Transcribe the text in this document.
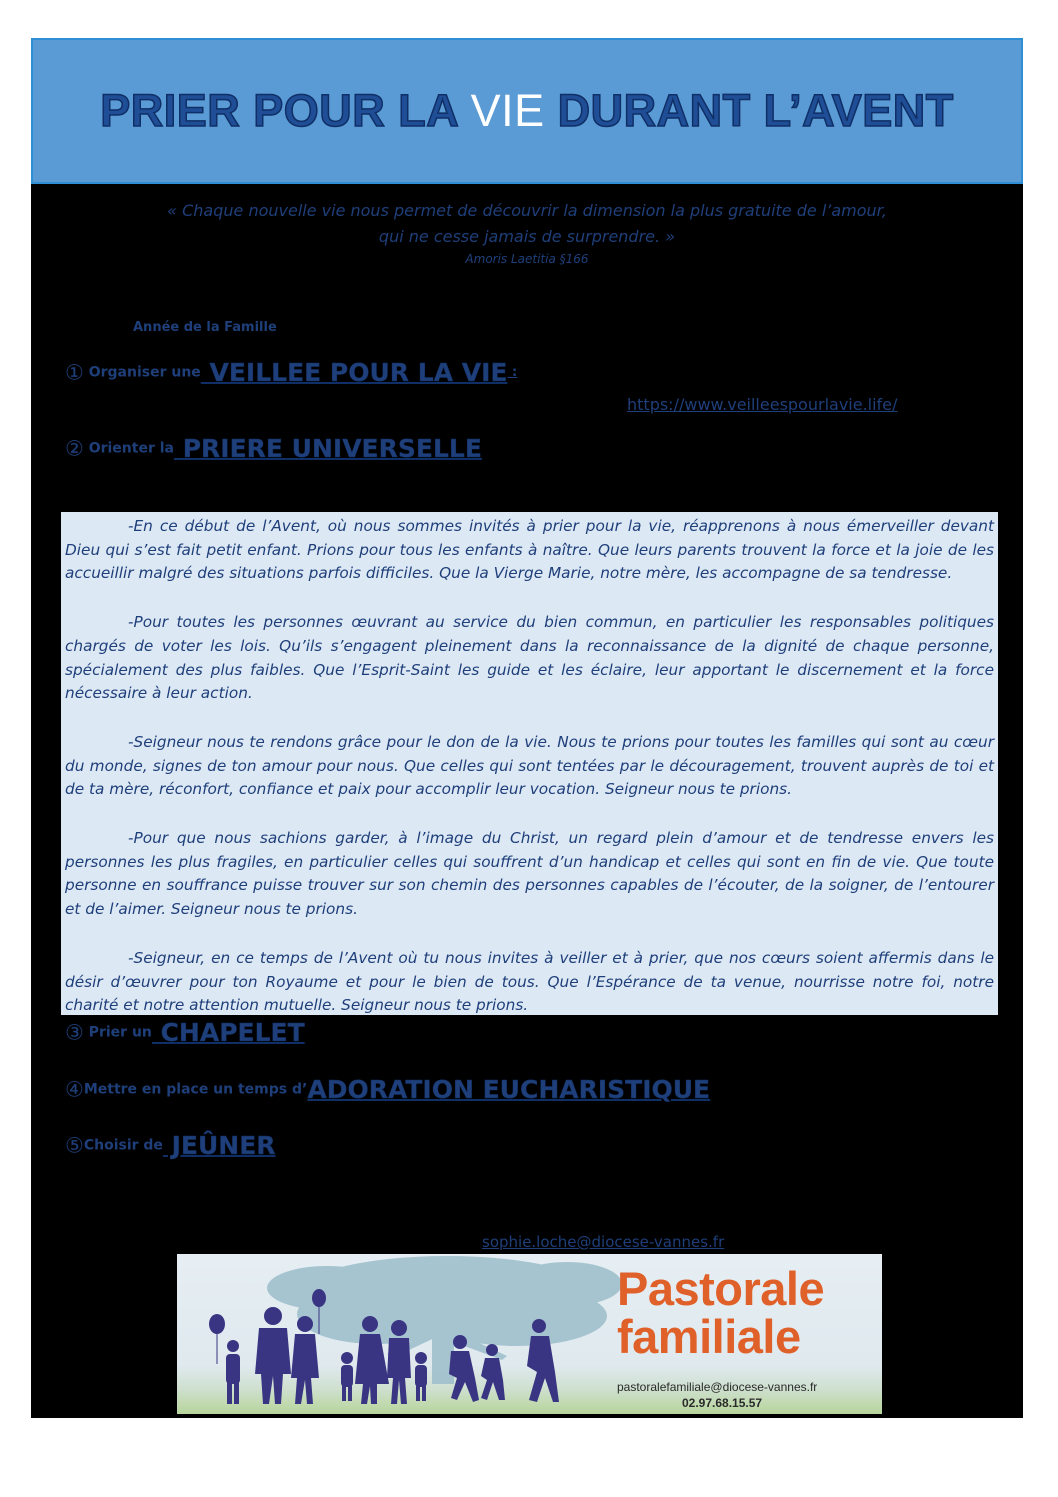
PRIER POUR LA VIE DURANT L’AVENT
« Chaque nouvelle vie nous permet de découvrir la dimension la plus gratuite de l’amour,
qui ne cesse jamais de surprendre. »
Amoris Laetitia §166
Année de la Famille
① Organiser une VEILLEE POUR LA VIE :
https://www.veilleespourlavie.life/
② Orienter la PRIERE UNIVERSELLE

-En ce début de l’Avent, où nous sommes invités à prier pour la vie, réapprenons à nous émerveiller devant Dieu qui s’est fait petit enfant. Prions pour tous les enfants à naître. Que leurs parents trouvent la force et la joie de les accueillir malgré des situations parfois difficiles. Que la Vierge Marie, notre mère, les accompagne de sa tendresse.

-Pour toutes les personnes œuvrant au service du bien commun, en particulier les responsables politiques chargés de voter les lois. Qu’ils s’engagent pleinement dans la reconnaissance de la dignité de chaque personne, spécialement des plus faibles. Que l’Esprit-Saint les guide et les éclaire, leur apportant le discernement et la force nécessaire à leur action.

-Seigneur nous te rendons grâce pour le don de la vie. Nous te prions pour toutes les familles qui sont au cœur du monde, signes de ton amour pour nous. Que celles qui sont tentées par le découragement, trouvent auprès de toi et de ta mère, réconfort, confiance et paix pour accomplir leur vocation. Seigneur nous te prions.

-Pour que nous sachions garder, à l’image du Christ, un regard plein d’amour et de tendresse envers les personnes les plus fragiles, en particulier celles qui souffrent d’un handicap et celles qui sont en fin de vie. Que toute personne en souffrance puisse trouver sur son chemin des personnes capables de l’écouter, de la soigner, de l’entourer et de l’aimer. Seigneur nous te prions.

-Seigneur, en ce temps de l’Avent où tu nous invites à veiller et à prier, que nos cœurs soient affermis dans le désir d’œuvrer pour ton Royaume et pour le bien de tous. Que l’Espérance de ta venue, nourrisse notre foi, notre charité et notre attention mutuelle. Seigneur nous te prions.

③ Prier un CHAPELET
④Mettre en place un temps d’ADORATION EUCHARISTIQUE
⑤Choisir de JEÛNER
sophie.loche@diocese-vannes.fr
Pastorale
familiale
pastoralefamiliale@diocese-vannes.fr
02.97.68.15.57
